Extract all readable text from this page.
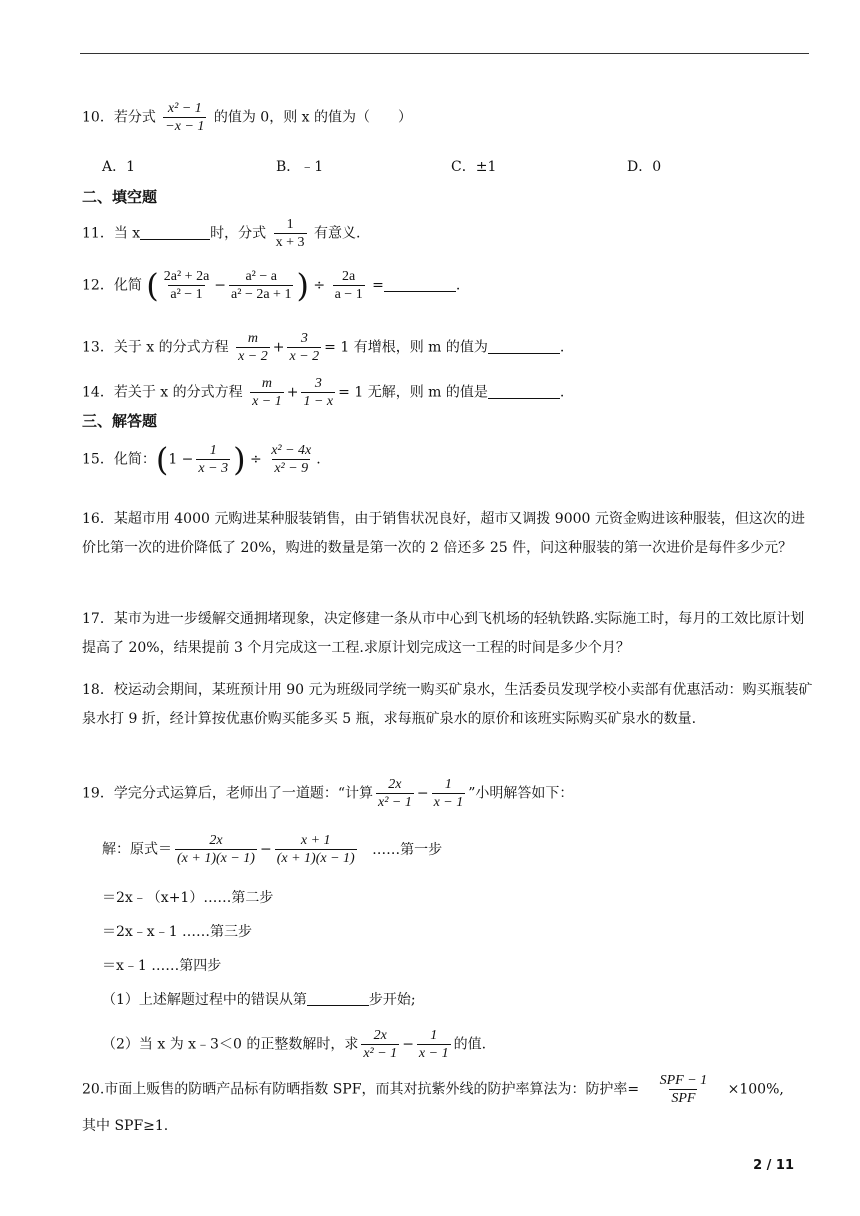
10．若分式 $\frac{\text{x² − 1}}{-x - 1}$ 的值为 0，则 x 的值为（　　）
A．1	B．﹣1	C．±1	D．0
二、填空题
11．当 x	时，分式 $\frac{1}{x + 3}$ 有意义.
12．化简 ( $\frac{\text{2a² + 2a}}{\text{a² − 1}} - \frac{\text{a² − a}}{\text{a² − 2a + 1}}$ ) ÷ $\frac{2a}{a - 1}$ =	.
13．关于 x 的分式方程 $\frac{m}{x - 2} + \frac{3}{x - 2} = 1$ 有增根，则 m 的值为	.
14．若关于 x 的分式方程 $\frac{m}{x - 1} + \frac{3}{1 - x} = 1$ 无解，则 m 的值是	.
三、解答题
15．化简：($1 - \frac{1}{x - 3}$ ) ÷ $\frac{\text{x² − 4x}}{\text{x² − 9}}$ .
16．某超市用 4000 元购进某种服装销售，由于销售状况良好，超市又调拨 9000 元资金购进该种服装，但这次的进价比第一次的进价降低了 20%，购进的数量是第一次的 2 倍还多 25 件，问这种服装的第一次进价是每件多少元？
17．某市为进一步缓解交通拥堵现象，决定修建一条从市中心到飞机场的轻轨铁路.实际施工时，每月的工效比原计划提高了 20%，结果提前 3 个月完成这一工程.求原计划完成这一工程的时间是多少个月？
18．校运动会期间，某班预计用 90 元为班级同学统一购买矿泉水，生活委员发现学校小卖部有优惠活动：购买瓶装矿泉水打 9 折，经计算按优惠价购买能多买 5 瓶，求每瓶矿泉水的原价和该班实际购买矿泉水的数量.
19．学完分式运算后，老师出了一道题：“计算 $\frac{2x}{\text{x² − 1}} - \frac{1}{x - 1}$ ”小明解答如下：
解：原式＝ $\frac{2x}{(x + 1)(x - 1)} - \frac{x + 1}{(x + 1)(x - 1)}$ ……第一步
＝2x﹣（x+1）……第二步
＝2x﹣x﹣1 ……第三步
＝x﹣1 ……第四步
（1）上述解题过程中的错误从第	步开始;
（2）当 x 为 x﹣3＜0 的正整数解时，求 $\frac{2x}{\text{x² − 1}} - \frac{1}{x - 1}$ 的值.
20.市面上贩售的防晒产品标有防晒指数 SPF，而其对抗紫外线的防护率算法为：防护率= $\frac{\text{SPF − 1}}{\text{SPF}} \times 100\%$,
其中 SPF≥1.
2 / 11
